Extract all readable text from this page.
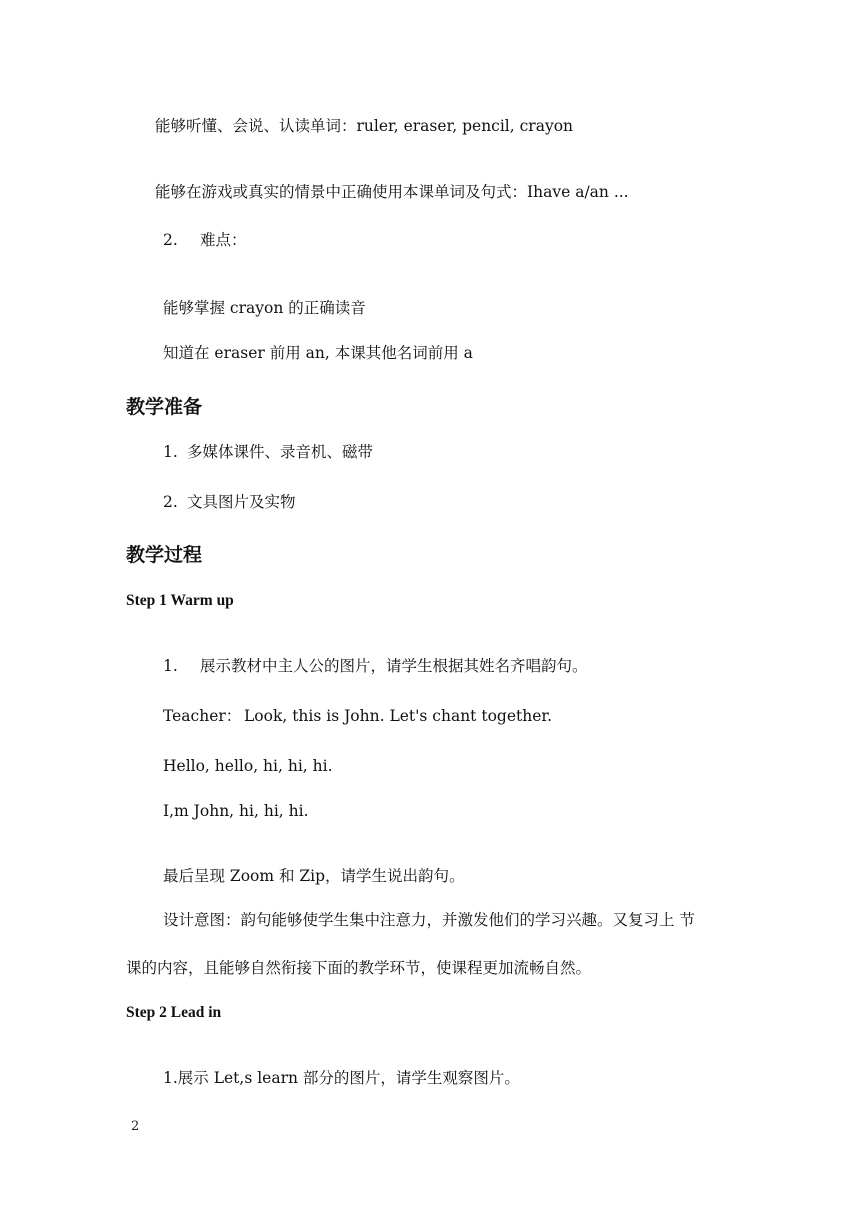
能够听懂、会说、认读单词：ruler, eraser, pencil, crayon
能够在游戏或真实的情景中正确使用本课单词及句式：Ihave a/an ...
2. 难点：
能够掌握 crayon 的正确读音
知道在 eraser 前用 an, 本课其他名词前用 a
教学准备
1. 多媒体课件、录音机、磁带
2. 文具图片及实物
教学过程
Step 1 Warm up
1. 展示教材中主人公的图片，请学生根据其姓名齐唱韵句。
Teacher： Look, this is John. Let's chant together.
Hello, hello, hi, hi, hi.
I,m John, hi, hi, hi.
最后呈现 Zoom 和 Zip，请学生说出韵句。
设计意图：韵句能够使学生集中注意力，并激发他们的学习兴趣。又复习上 节
课的内容，且能够自然衔接下面的教学环节，使课程更加流畅自然。
Step 2 Lead in
1.展示 Let,s learn 部分的图片，请学生观察图片。
2
